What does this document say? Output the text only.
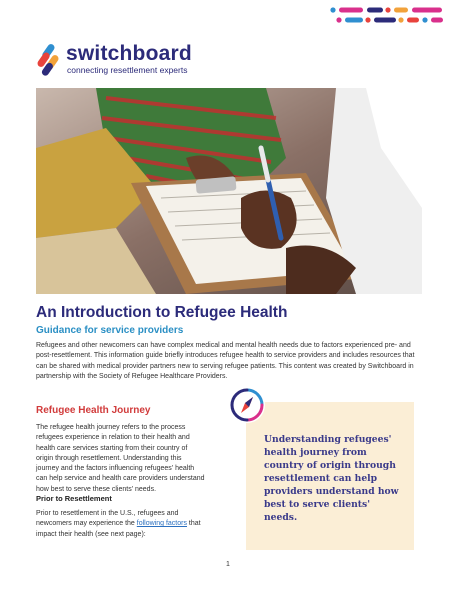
switchboard
connecting resettlement experts
An Introduction to Refugee Health
Guidance for service providers
Refugees and other newcomers can have complex medical and mental health needs due to factors experienced pre- and post-resettlement. This information guide briefly introduces refugee health to service providers and includes resources that can be shared with medical provider partners new to serving refugee patients. This content was created by Switchboard in partnership with the Society of Refugee Healthcare Providers.
Refugee Health Journey
The refugee health journey refers to the process refugees experience in relation to their health and health care services starting from their country of origin through resettlement. Understanding this journey and the factors influencing refugees' health can help service and health care providers understand how best to serve these clients' needs.
Prior to Resettlement
Prior to resettlement in the U.S., refugees and newcomers may experience the following factors that impact their health (see next page):
Understanding refugees' health journey from country of origin through resettlement can help providers understand how best to serve clients' needs.
1
